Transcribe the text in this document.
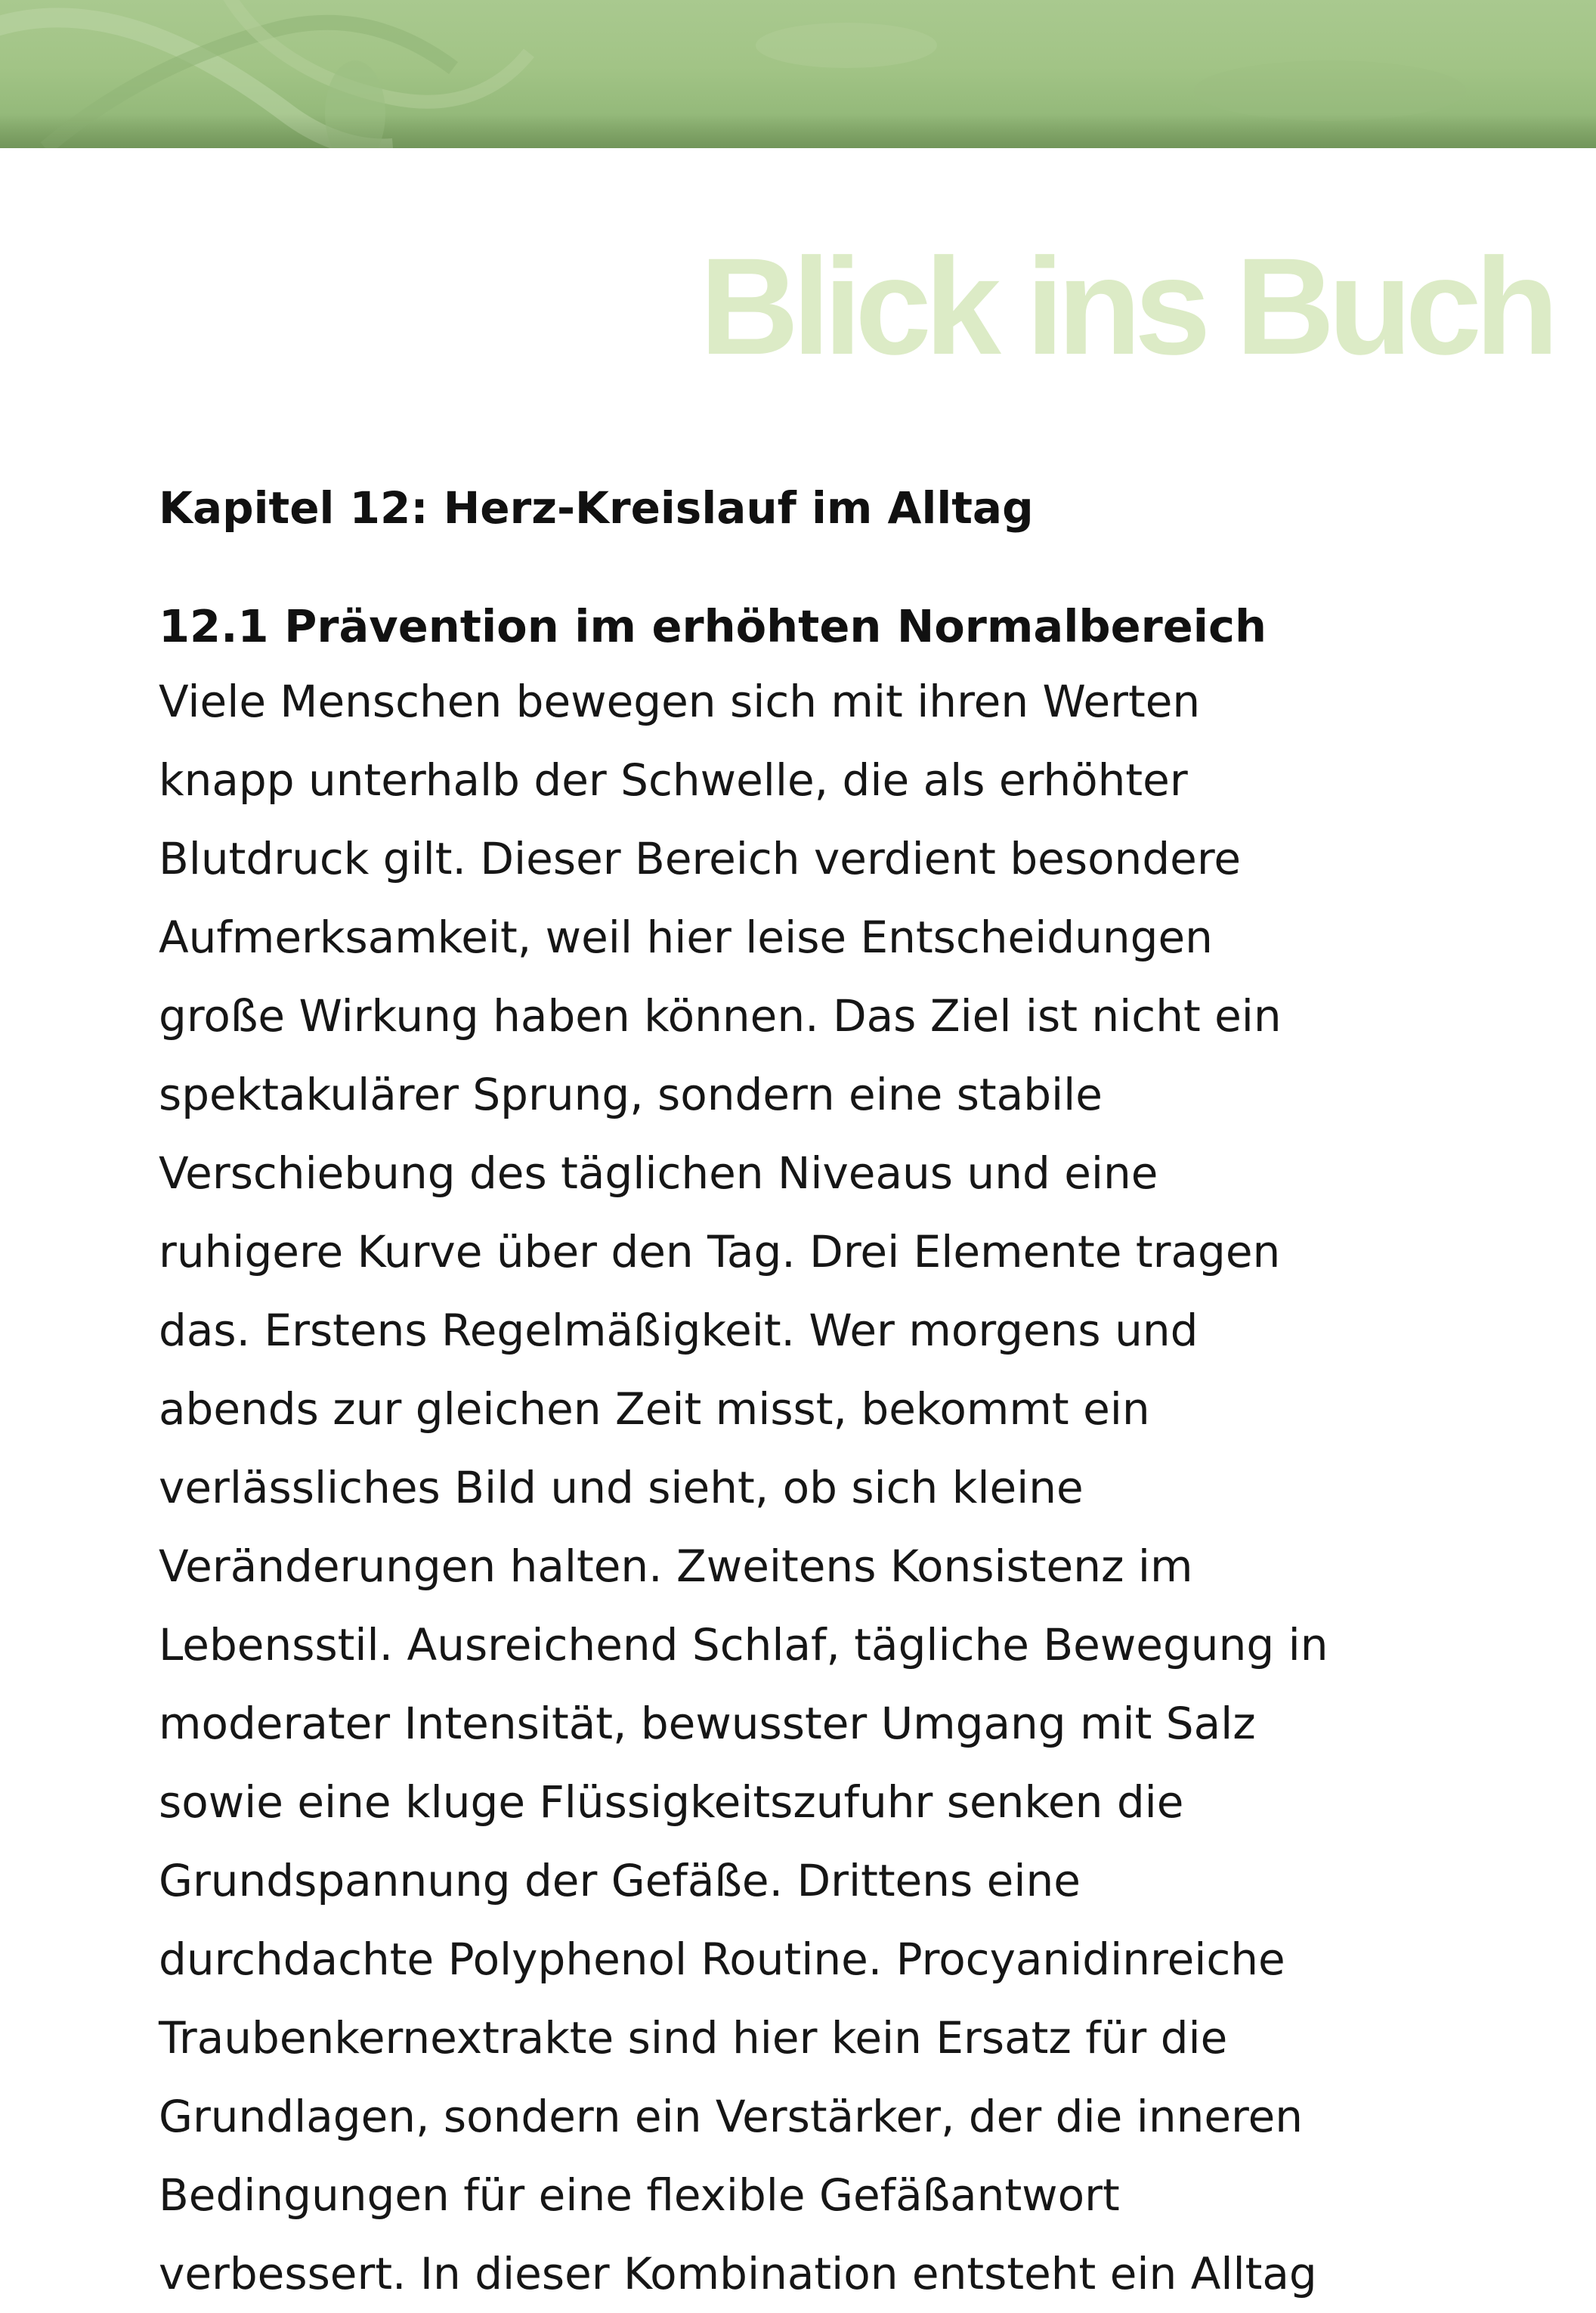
Blick ins Buch
Kapitel 12: Herz-Kreislauf im Alltag
12.1 Prävention im erhöhten Normalbereich

Viele Menschen bewegen sich mit ihren Werten
knapp unterhalb der Schwelle, die als erhöhter
Blutdruck gilt. Dieser Bereich verdient besondere
Aufmerksamkeit, weil hier leise Entscheidungen
große Wirkung haben können. Das Ziel ist nicht ein
spektakulärer Sprung, sondern eine stabile
Verschiebung des täglichen Niveaus und eine
ruhigere Kurve über den Tag. Drei Elemente tragen
das. Erstens Regelmäßigkeit. Wer morgens und
abends zur gleichen Zeit misst, bekommt ein
verlässliches Bild und sieht, ob sich kleine
Veränderungen halten. Zweitens Konsistenz im
Lebensstil. Ausreichend Schlaf, tägliche Bewegung in
moderater Intensität, bewusster Umgang mit Salz
sowie eine kluge Flüssigkeitszufuhr senken die
Grundspannung der Gefäße. Drittens eine
durchdachte Polyphenol Routine. Procyanidinreiche
Traubenkernextrakte sind hier kein Ersatz für die
Grundlagen, sondern ein Verstärker, der die inneren
Bedingungen für eine flexible Gefäßantwort
verbessert. In dieser Kombination entsteht ein Alltag
